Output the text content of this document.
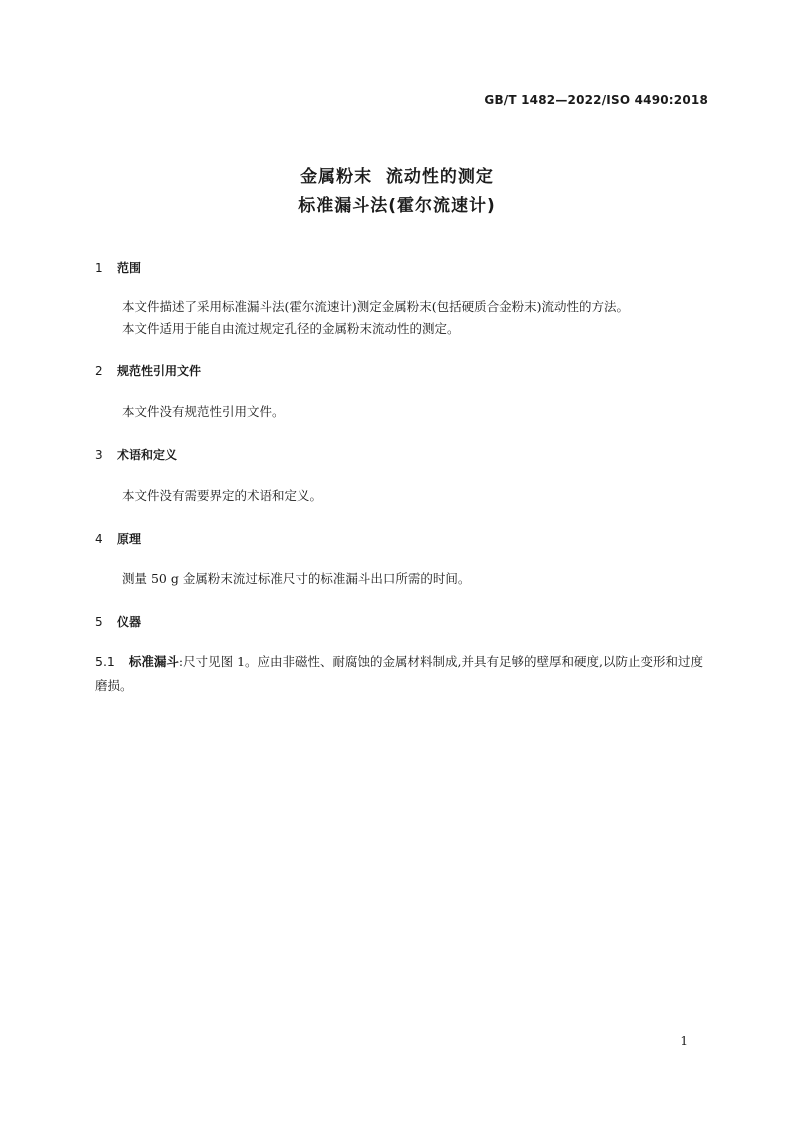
GB/T 1482—2022/ISO 4490:2018
金属粉末  流动性的测定
标准漏斗法(霍尔流速计)
1 范围
本文件描述了采用标准漏斗法(霍尔流速计)测定金属粉末(包括硬质合金粉末)流动性的方法。
本文件适用于能自由流过规定孔径的金属粉末流动性的测定。
2 规范性引用文件
本文件没有规范性引用文件。
3 术语和定义
本文件没有需要界定的术语和定义。
4 原理
测量 50 g 金属粉末流过标准尺寸的标准漏斗出口所需的时间。
5 仪器
5.1 标准漏斗:尺寸见图 1。应由非磁性、耐腐蚀的金属材料制成,并具有足够的壁厚和硬度,以防止变形和过度磨损。
1
